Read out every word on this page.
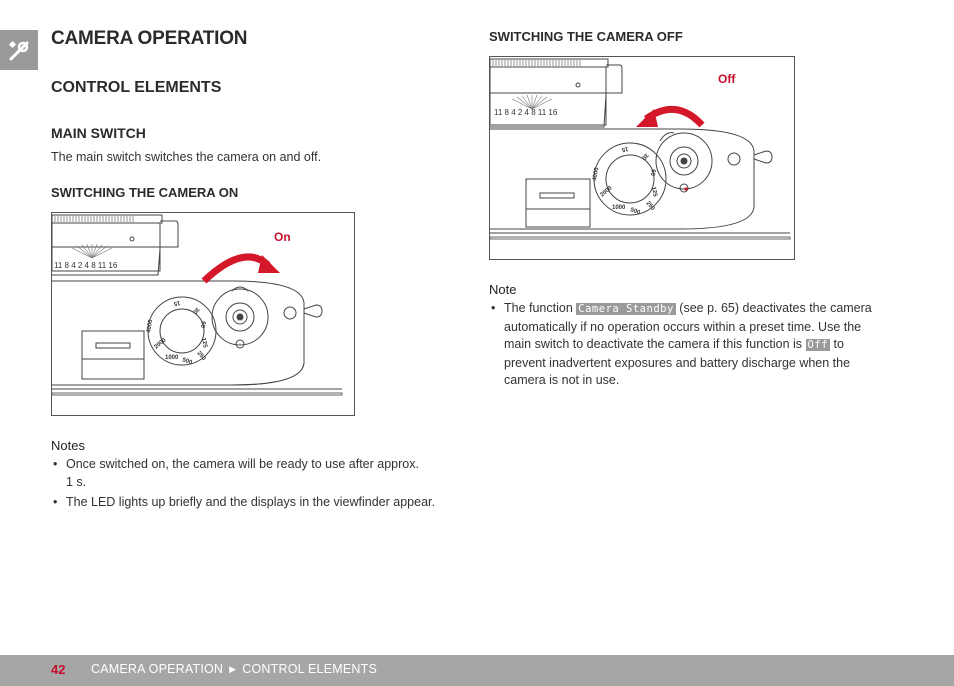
CAMERA OPERATION
CONTROL ELEMENTS
MAIN SWITCH
The main switch switches the camera on and off.
SWITCHING THE CAMERA ON
4000
2000
1000 500 250
125
60
30
15
11 8 4 2 4 8 11 16
On
Notes
• Once switched on, the camera will be ready to use after approx.
1 s.
• The LED lights up briefly and the displays in the viewfinder appear.
SWITCHING THE CAMERA OFF
4000
2000
1000 500 250
125
60
30
15
11 8 4 2 4 8 11 16
Off
Note
• The function Camera Standby (see p. 65) deactivates the camera
automatically if no operation occurs within a preset time. Use the
main switch to deactivate the camera if this function is Off to
prevent inadvertent exposures and battery discharge when the
camera is not in use.
42 CAMERA OPERATION ▶ CONTROL ELEMENTS
